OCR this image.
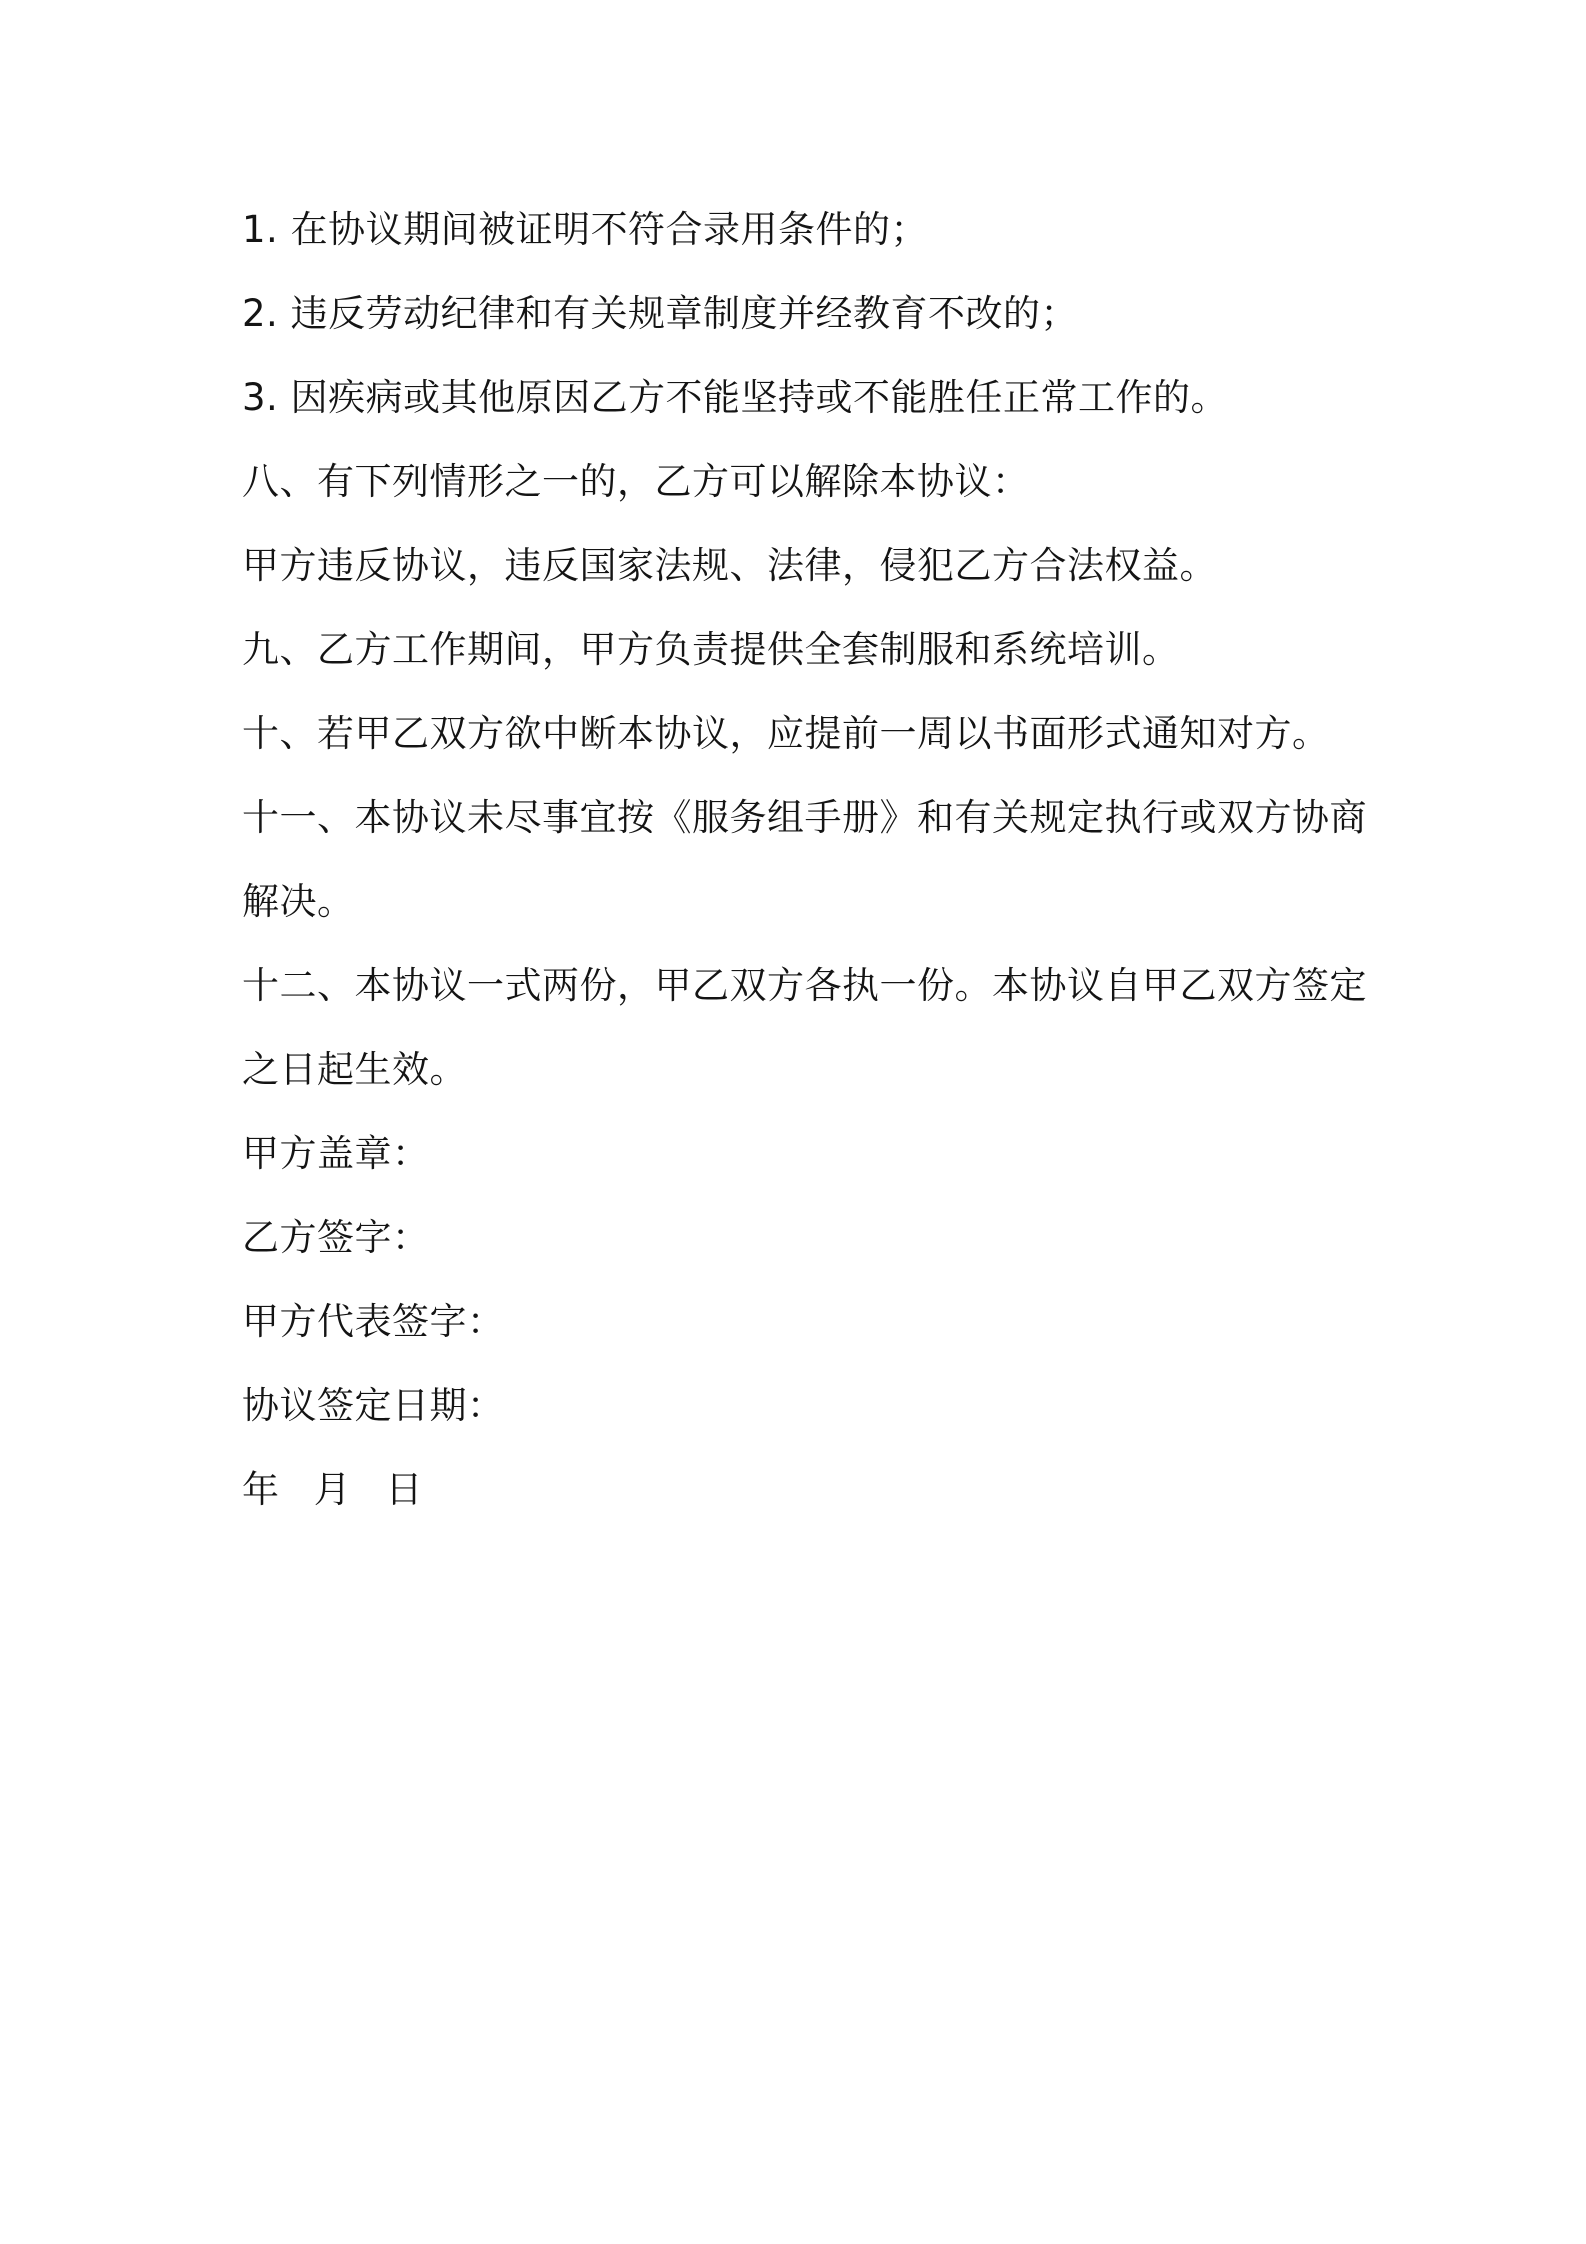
1. 在协议期间被证明不符合录用条件的；
2. 违反劳动纪律和有关规章制度并经教育不改的；
3. 因疾病或其他原因乙方不能坚持或不能胜任正常工作的。
八、有下列情形之一的，乙方可以解除本协议：
甲方违反协议，违反国家法规、法律，侵犯乙方合法权益。
九、乙方工作期间，甲方负责提供全套制服和系统培训。
十、若甲乙双方欲中断本协议，应提前一周以书面形式通知对方。
十一、本协议未尽事宜按《服务组手册》和有关规定执行或双方协商
解决。
十二、本协议一式两份，甲乙双方各执一份。本协议自甲乙双方签定
之日起生效。
甲方盖章：
乙方签字：
甲方代表签字：
协议签定日期：
年 月 日
